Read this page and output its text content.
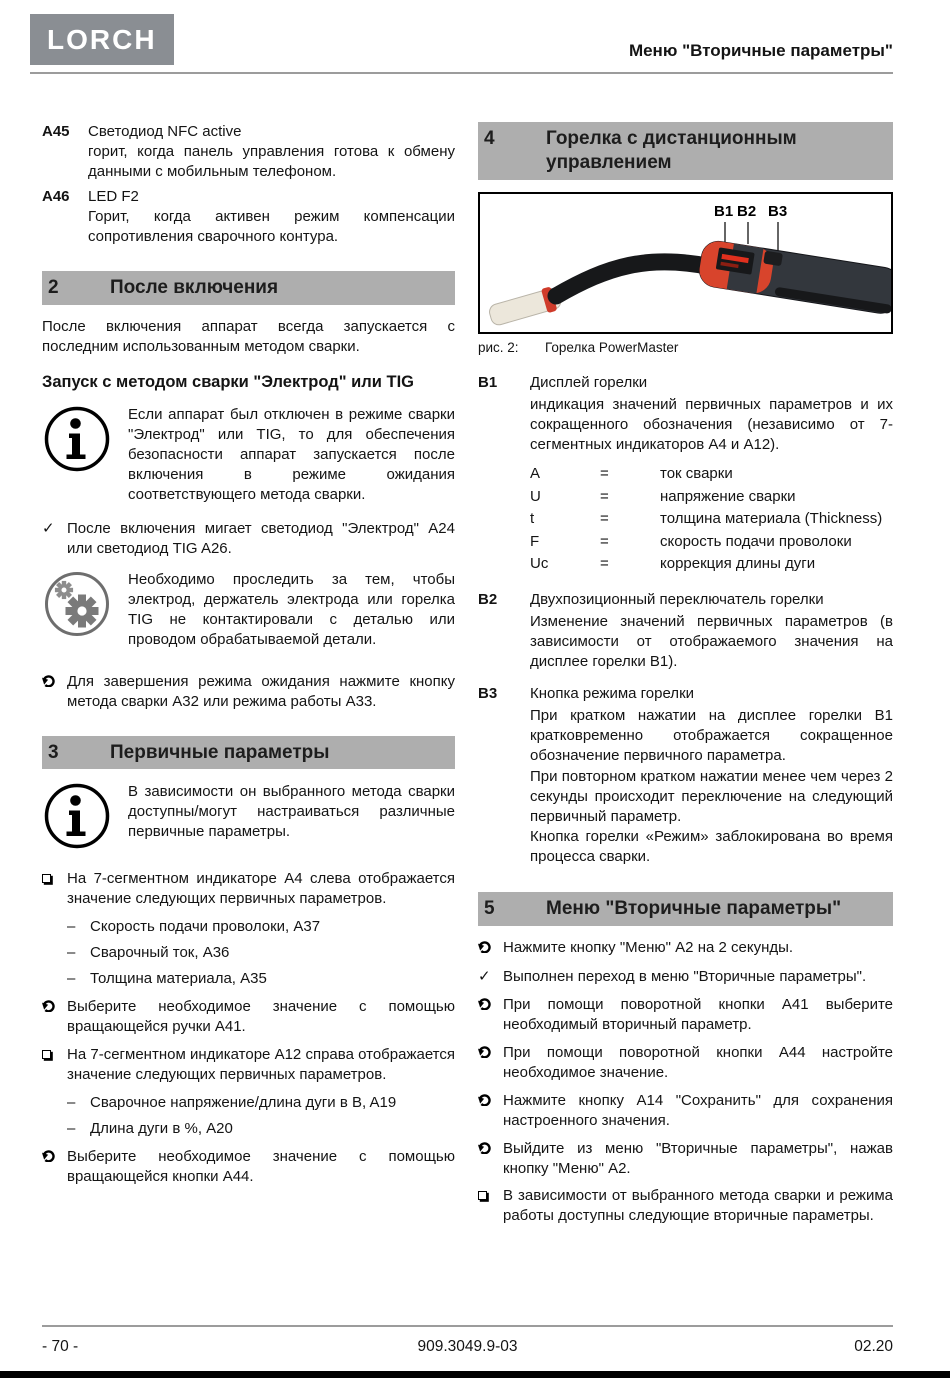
LORCH	Меню "Вторичные параметры"
A45	Светодиод NFC active
горит, когда панель управления готова к обмену данными с мобильным телефоном.
A46	LED F2
Горит, когда активен режим компенсации сопротивления сварочного контура.
2	После включения
После включения аппарат всегда запускается с последним использованным методом сварки.
Запуск с методом сварки "Электрод" или TIG
Если аппарат был отключен в режиме сварки "Электрод" или TIG, то для обеспечения безопасности аппарат запускается после включения в режиме ожидания соответствующего метода сварки.
✓ После включения мигает светодиод "Электрод" A24 или светодиод TIG A26.
Необходимо проследить за тем, чтобы электрод, держатель электрода или горелка TIG не контактировали с деталью или проводом обрабатываемой детали.
Для завершения режима ожидания нажмите кнопку метода сварки A32 или режима работы A33.
3	Первичные параметры
В зависимости он выбранного метода сварки доступны/могут настраиваться различные первичные параметры.
На 7-сегментном индикаторе A4 слева отображается значение следующих первичных параметров.
– Скорость подачи проволоки, A37
– Сварочный ток, A36
– Толщина материала, A35
Выберите необходимое значение с помощью вращающейся ручки A41.
На 7-сегментном индикаторе A12 справа отображается значение следующих первичных параметров.
– Сварочное напряжение/длина дуги в B, A19
– Длина дуги в %, A20
Выберите необходимое значение с помощью вращающейся кнопки A44.
4	Горелка с дистанционным управлением
B1 B2 B3
рис. 2:	Горелка PowerMaster
B1	Дисплей горелки
индикация значений первичных параметров и их сокращенного обозначения (независимо от 7-сегментных индикаторов A4 и A12).
A	=	ток сварки
U	=	напряжение сварки
t	=	толщина материала (Thickness)
F	=	скорость подачи проволоки
Uc	=	коррекция длины дуги
B2	Двухпозиционный переключатель горелки
Изменение значений первичных параметров (в зависимости от отображаемого значения на дисплее горелки B1).
B3	Кнопка режима горелки
При кратком нажатии на дисплее горелки B1 кратковременно отображается сокращенное обозначение первичного параметра.
При повторном кратком нажатии менее чем через 2 секунды происходит переключение на следующий первичный параметр.
Кнопка горелки «Режим» заблокирована во время процесса сварки.
5	Меню "Вторичные параметры"
Нажмите кнопку "Меню" A2 на 2 секунды.
✓ Выполнен переход в меню "Вторичные параметры".
При помощи поворотной кнопки A41 выберите необходимый вторичный параметр.
При помощи поворотной кнопки A44 настройте необходимое значение.
Нажмите кнопку A14 "Сохранить" для сохранения настроенного значения.
Выйдите из меню "Вторичные параметры", нажав кнопку "Меню" A2.
В зависимости от выбранного метода сварки и режима работы доступны следующие вторичные параметры.
- 70 -	909.3049.9-03	02.20
